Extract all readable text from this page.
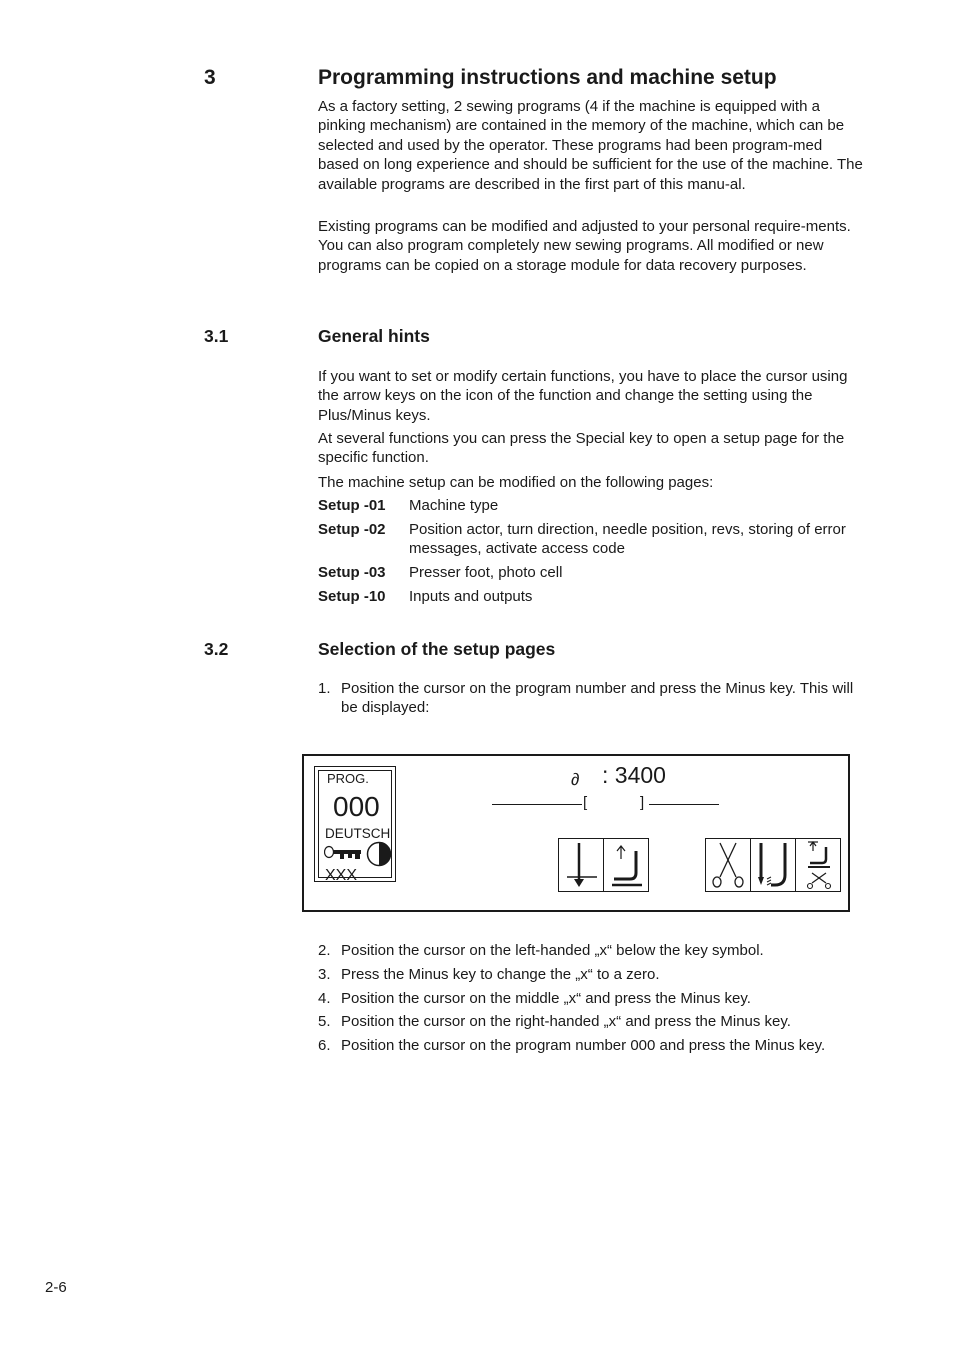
3	Programming instructions and machine setup

As a factory setting, 2 sewing programs (4 if the machine is equipped with a pinking mechanism) are contained in the memory of the machine, which can be selected and used by the operator. These programs had been program-med based on long experience and should be sufficient for the use of the machine. The available programs are described in the first part of this manu-al.

Existing programs can be modified and adjusted to your personal require-ments. You can also program completely new sewing programs. All modified or new programs can be copied on a storage module for data recovery purposes.

3.1	General hints

If you want to set or modify certain functions, you have to place the cursor using the arrow keys on the icon of the function and change the setting using the Plus/Minus keys.

At several functions you can press the Special key to open a setup page for the specific function.

The machine setup can be modified on the following pages:

Setup -01 Machine type
Setup -02 Position actor, turn direction, needle position, revs, storing of error messages, activate access code
Setup -03 Presser foot, photo cell
Setup -10 Inputs and outputs
3.2	Selection of the setup pages
1. Position the cursor on the program number and press the Minus key. This will be displayed:
000
DEUTSCH
XXX
PROG.	∂ : 3400
[	]
2. Position the cursor on the left-handed „x“ below the key symbol.
3. Press the Minus key to change the „x“ to a zero.
4. Position the cursor on the middle „x“ and press the Minus key.
5. Position the cursor on the right-handed „x“ and press the Minus key.
6. Position the cursor on the program number 000 and press the Minus key.
2-6
